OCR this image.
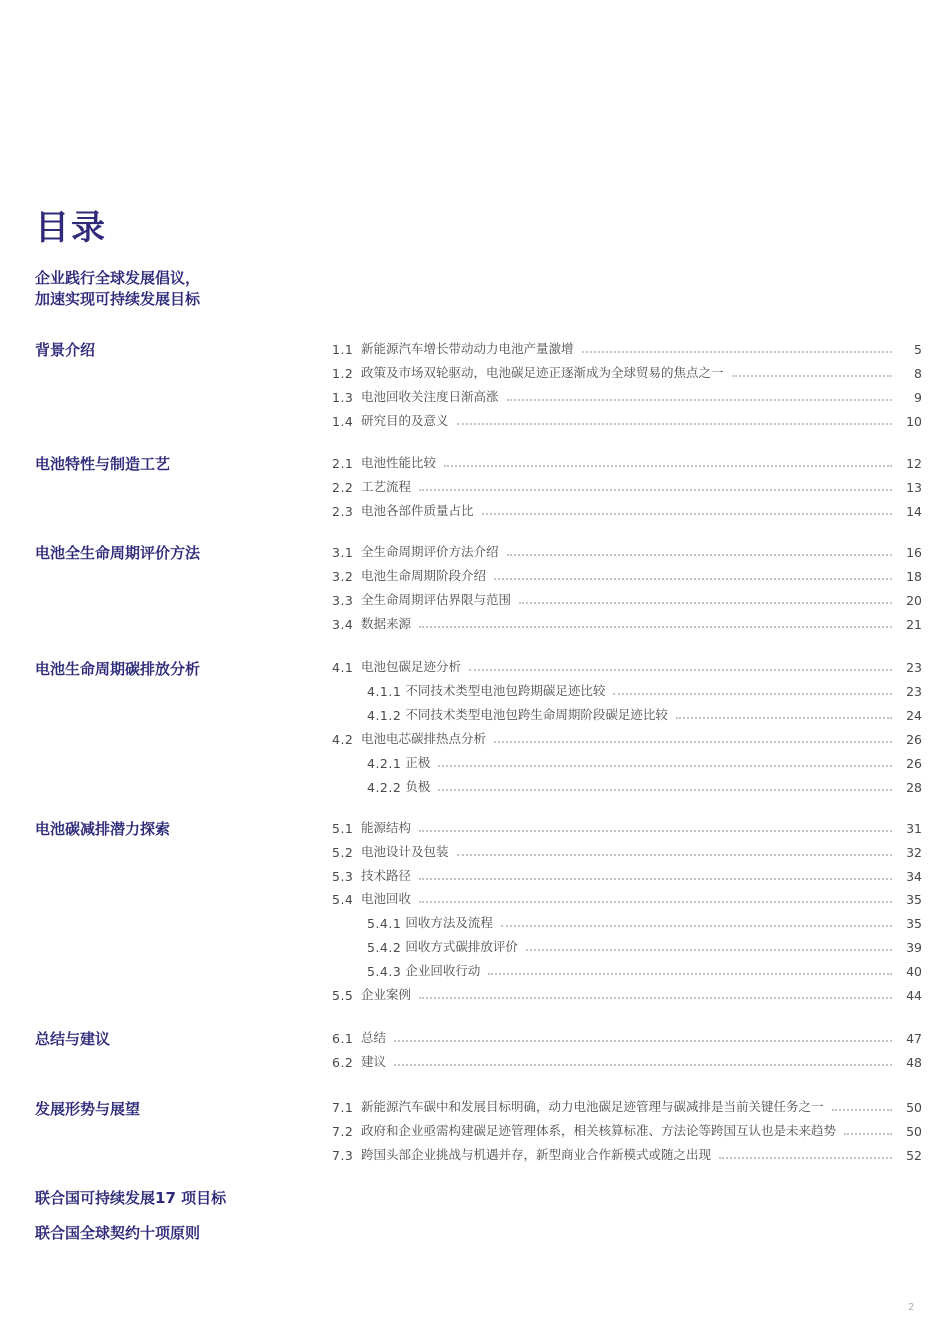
目录
企业践行全球发展倡议，
加速实现可持续发展目标
背景介绍	1.1 新能源汽车增长带动动力电池产量激增	5
1.2 政策及市场双轮驱动，电池碳足迹正逐渐成为全球贸易的焦点之一	8
1.3 电池回收关注度日渐高涨	9
1.4 研究目的及意义	10
电池特性与制造工艺	2.1 电池性能比较	12
2.2 工艺流程	13
2.3 电池各部件质量占比	14
电池全生命周期评价方法	3.1 全生命周期评价方法介绍	16
3.2 电池生命周期阶段介绍	18
3.3 全生命周期评估界限与范围	20
3.4 数据来源	21
电池生命周期碳排放分析	4.1 电池包碳足迹分析	23
4.1.1 不同技术类型电池包跨期碳足迹比较	23
4.1.2 不同技术类型电池包跨生命周期阶段碳足迹比较	24
4.2 电池电芯碳排热点分析	26
4.2.1 正极	26
4.2.2 负极	28
电池碳减排潜力探索	5.1 能源结构	31
5.2 电池设计及包装	32
5.3 技术路径	34
5.4 电池回收	35
5.4.1 回收方法及流程	35
5.4.2 回收方式碳排放评价	39
5.4.3 企业回收行动	40
5.5 企业案例	44
总结与建议	6.1 总结	47
6.2 建议	48
发展形势与展望	7.1 新能源汽车碳中和发展目标明确，动力电池碳足迹管理与碳减排是当前关键任务之一	50
7.2 政府和企业亟需构建碳足迹管理体系，相关核算标准、方法论等跨国互认也是未来趋势	50
7.3 跨国头部企业挑战与机遇并存，新型商业合作新模式或随之出现	52
联合国可持续发展17 项目标
联合国全球契约十项原则
2
